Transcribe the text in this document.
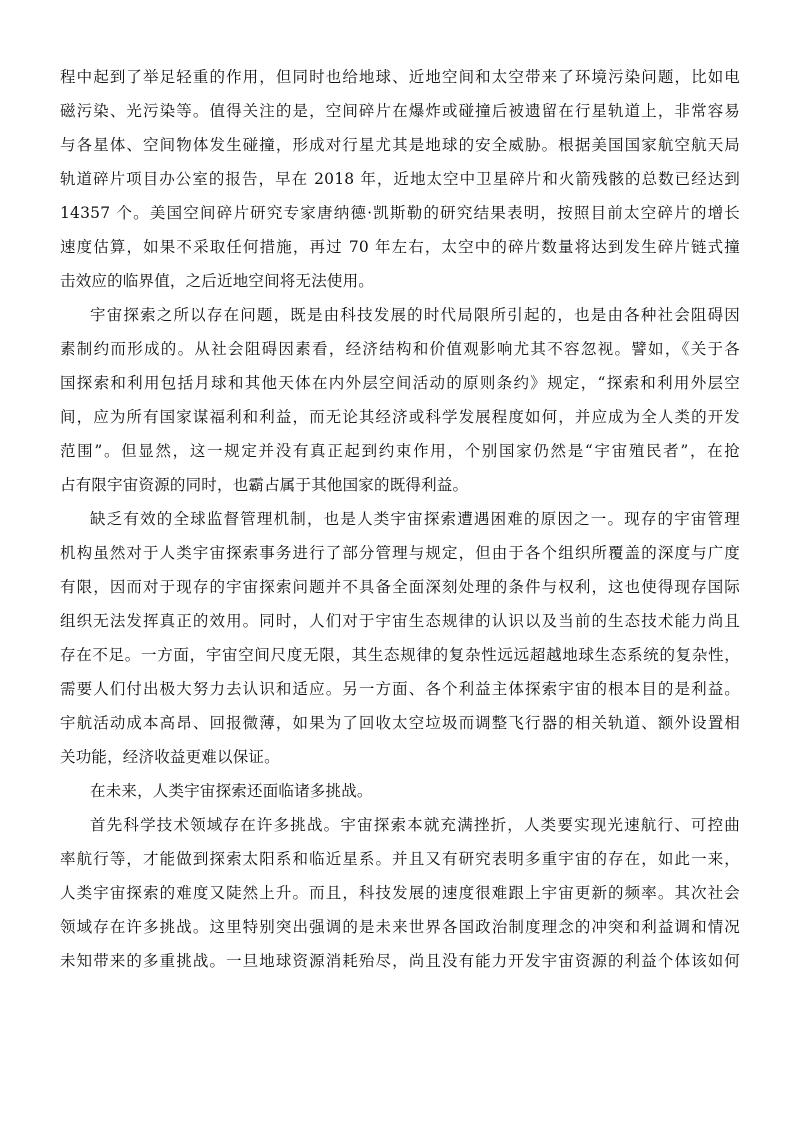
程中起到了举足轻重的作用，但同时也给地球、近地空间和太空带来了环境污染问题，比如电
磁污染、光污染等。值得关注的是，空间碎片在爆炸或碰撞后被遗留在行星轨道上，非常容易
与各星体、空间物体发生碰撞，形成对行星尤其是地球的安全威胁。根据美国国家航空航天局
轨道碎片项目办公室的报告，早在 2018 年，近地太空中卫星碎片和火箭残骸的总数已经达到
14357 个。美国空间碎片研究专家唐纳德·凯斯勒的研究结果表明，按照目前太空碎片的增长
速度估算，如果不采取任何措施，再过 70 年左右，太空中的碎片数量将达到发生碎片链式撞
击效应的临界值，之后近地空间将无法使用。
宇宙探索之所以存在问题，既是由科技发展的时代局限所引起的，也是由各种社会阻碍因
素制约而形成的。从社会阻碍因素看，经济结构和价值观影响尤其不容忽视。譬如，《关于各
国探索和利用包括月球和其他天体在内外层空间活动的原则条约》规定，“探索和利用外层空
间，应为所有国家谋福利和利益，而无论其经济或科学发展程度如何，并应成为全人类的开发
范围”。但显然，这一规定并没有真正起到约束作用，个别国家仍然是“宇宙殖民者”，在抢
占有限宇宙资源的同时，也霸占属于其他国家的既得利益。
缺乏有效的全球监督管理机制，也是人类宇宙探索遭遇困难的原因之一。现存的宇宙管理
机构虽然对于人类宇宙探索事务进行了部分管理与规定，但由于各个组织所覆盖的深度与广度
有限，因而对于现存的宇宙探索问题并不具备全面深刻处理的条件与权利，这也使得现存国际
组织无法发挥真正的效用。同时，人们对于宇宙生态规律的认识以及当前的生态技术能力尚且
存在不足。一方面，宇宙空间尺度无限，其生态规律的复杂性远远超越地球生态系统的复杂性，
需要人们付出极大努力去认识和适应。另一方面、各个利益主体探索宇宙的根本目的是利益。
宇航活动成本高昂、回报微薄，如果为了回收太空垃圾而调整飞行器的相关轨道、额外设置相
关功能，经济收益更难以保证。
在未来，人类宇宙探索还面临诸多挑战。
首先科学技术领域存在许多挑战。宇宙探索本就充满挫折，人类要实现光速航行、可控曲
率航行等，才能做到探索太阳系和临近星系。并且又有研究表明多重宇宙的存在，如此一来，
人类宇宙探索的难度又陡然上升。而且，科技发展的速度很难跟上宇宙更新的频率。其次社会
领域存在许多挑战。这里特别突出强调的是未来世界各国政治制度理念的冲突和利益调和情况
未知带来的多重挑战。一旦地球资源消耗殆尽，尚且没有能力开发宇宙资源的利益个体该如何
